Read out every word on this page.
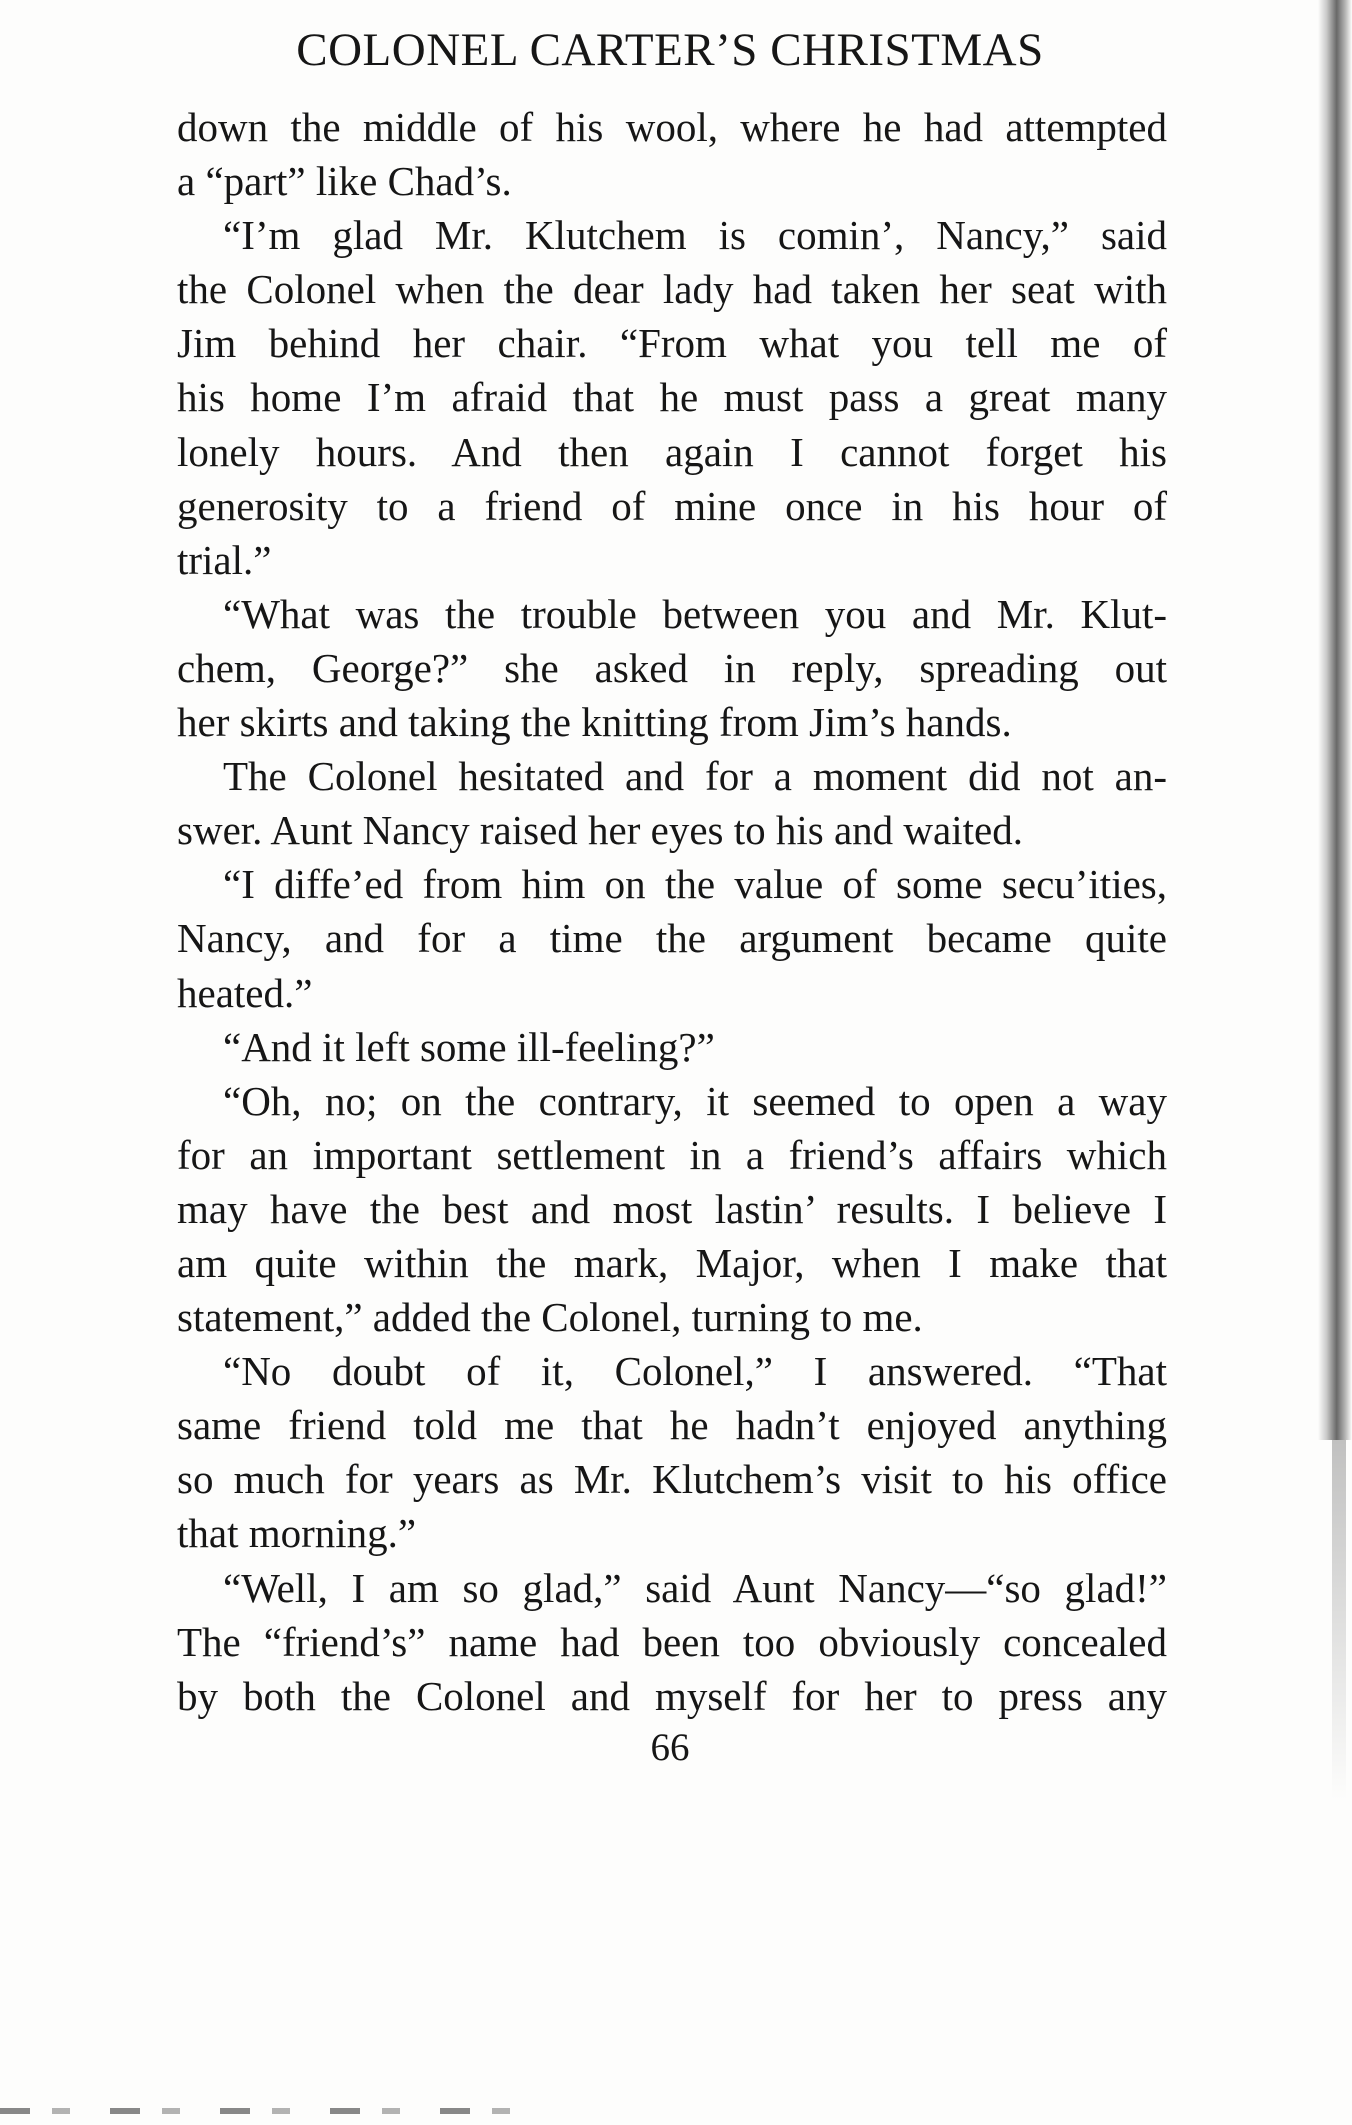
COLONEL CARTER’S CHRISTMAS
down the middle of his wool, where he had attempted
a “part” like Chad’s.
“I’m glad Mr. Klutchem is comin’, Nancy,” said
the Colonel when the dear lady had taken her seat with
Jim behind her chair. “From what you tell me of
his home I’m afraid that he must pass a great many
lonely hours. And then again I cannot forget his
generosity to a friend of mine once in his hour of
trial.”
“What was the trouble between you and Mr. Klut-
chem, George?” she asked in reply, spreading out
her skirts and taking the knitting from Jim’s hands.
The Colonel hesitated and for a moment did not an-
swer. Aunt Nancy raised her eyes to his and waited.
“I diffe’ed from him on the value of some secu’ities,
Nancy, and for a time the argument became quite
heated.”
“And it left some ill-feeling?”
“Oh, no; on the contrary, it seemed to open a way
for an important settlement in a friend’s affairs which
may have the best and most lastin’ results. I believe I
am quite within the mark, Major, when I make that
statement,” added the Colonel, turning to me.
“No doubt of it, Colonel,” I answered. “That
same friend told me that he hadn’t enjoyed anything
so much for years as Mr. Klutchem’s visit to his office
that morning.”
“Well, I am so glad,” said Aunt Nancy—“so glad!”
The “friend’s” name had been too obviously concealed
by both the Colonel and myself for her to press any
66
